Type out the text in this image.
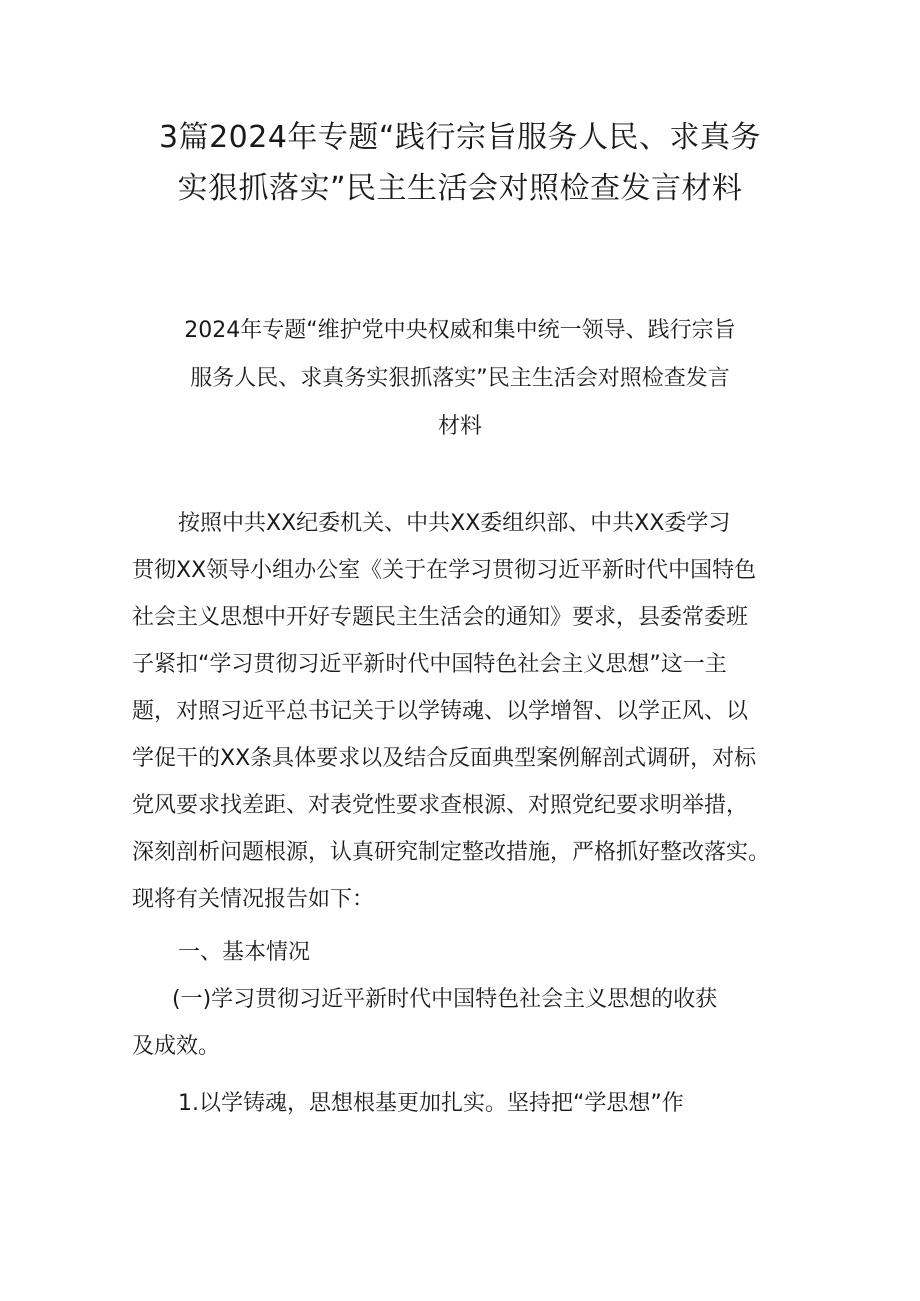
3篇2024年专题“践行宗旨服务人民、求真务
实狠抓落实”民主生活会对照检查发言材料
2024年专题“维护党中央权威和集中统一领导、践行宗旨
服务人民、求真务实狠抓落实”民主生活会对照检查发言
材料
按照中共XX纪委机关、中共XX委组织部、中共XX委学习
贯彻XX领导小组办公室《关于在学习贯彻习近平新时代中国特色
社会主义思想中开好专题民主生活会的通知》要求，县委常委班
子紧扣“学习贯彻习近平新时代中国特色社会主义思想”这一主
题，对照习近平总书记关于以学铸魂、以学增智、以学正风、以
学促干的XX条具体要求以及结合反面典型案例解剖式调研，对标
党风要求找差距、对表党性要求查根源、对照党纪要求明举措，
深刻剖析问题根源，认真研究制定整改措施，严格抓好整改落实。
现将有关情况报告如下：
一、基本情况
(一)学习贯彻习近平新时代中国特色社会主义思想的收获
及成效。
1.以学铸魂，思想根基更加扎实。坚持把“学思想”作
